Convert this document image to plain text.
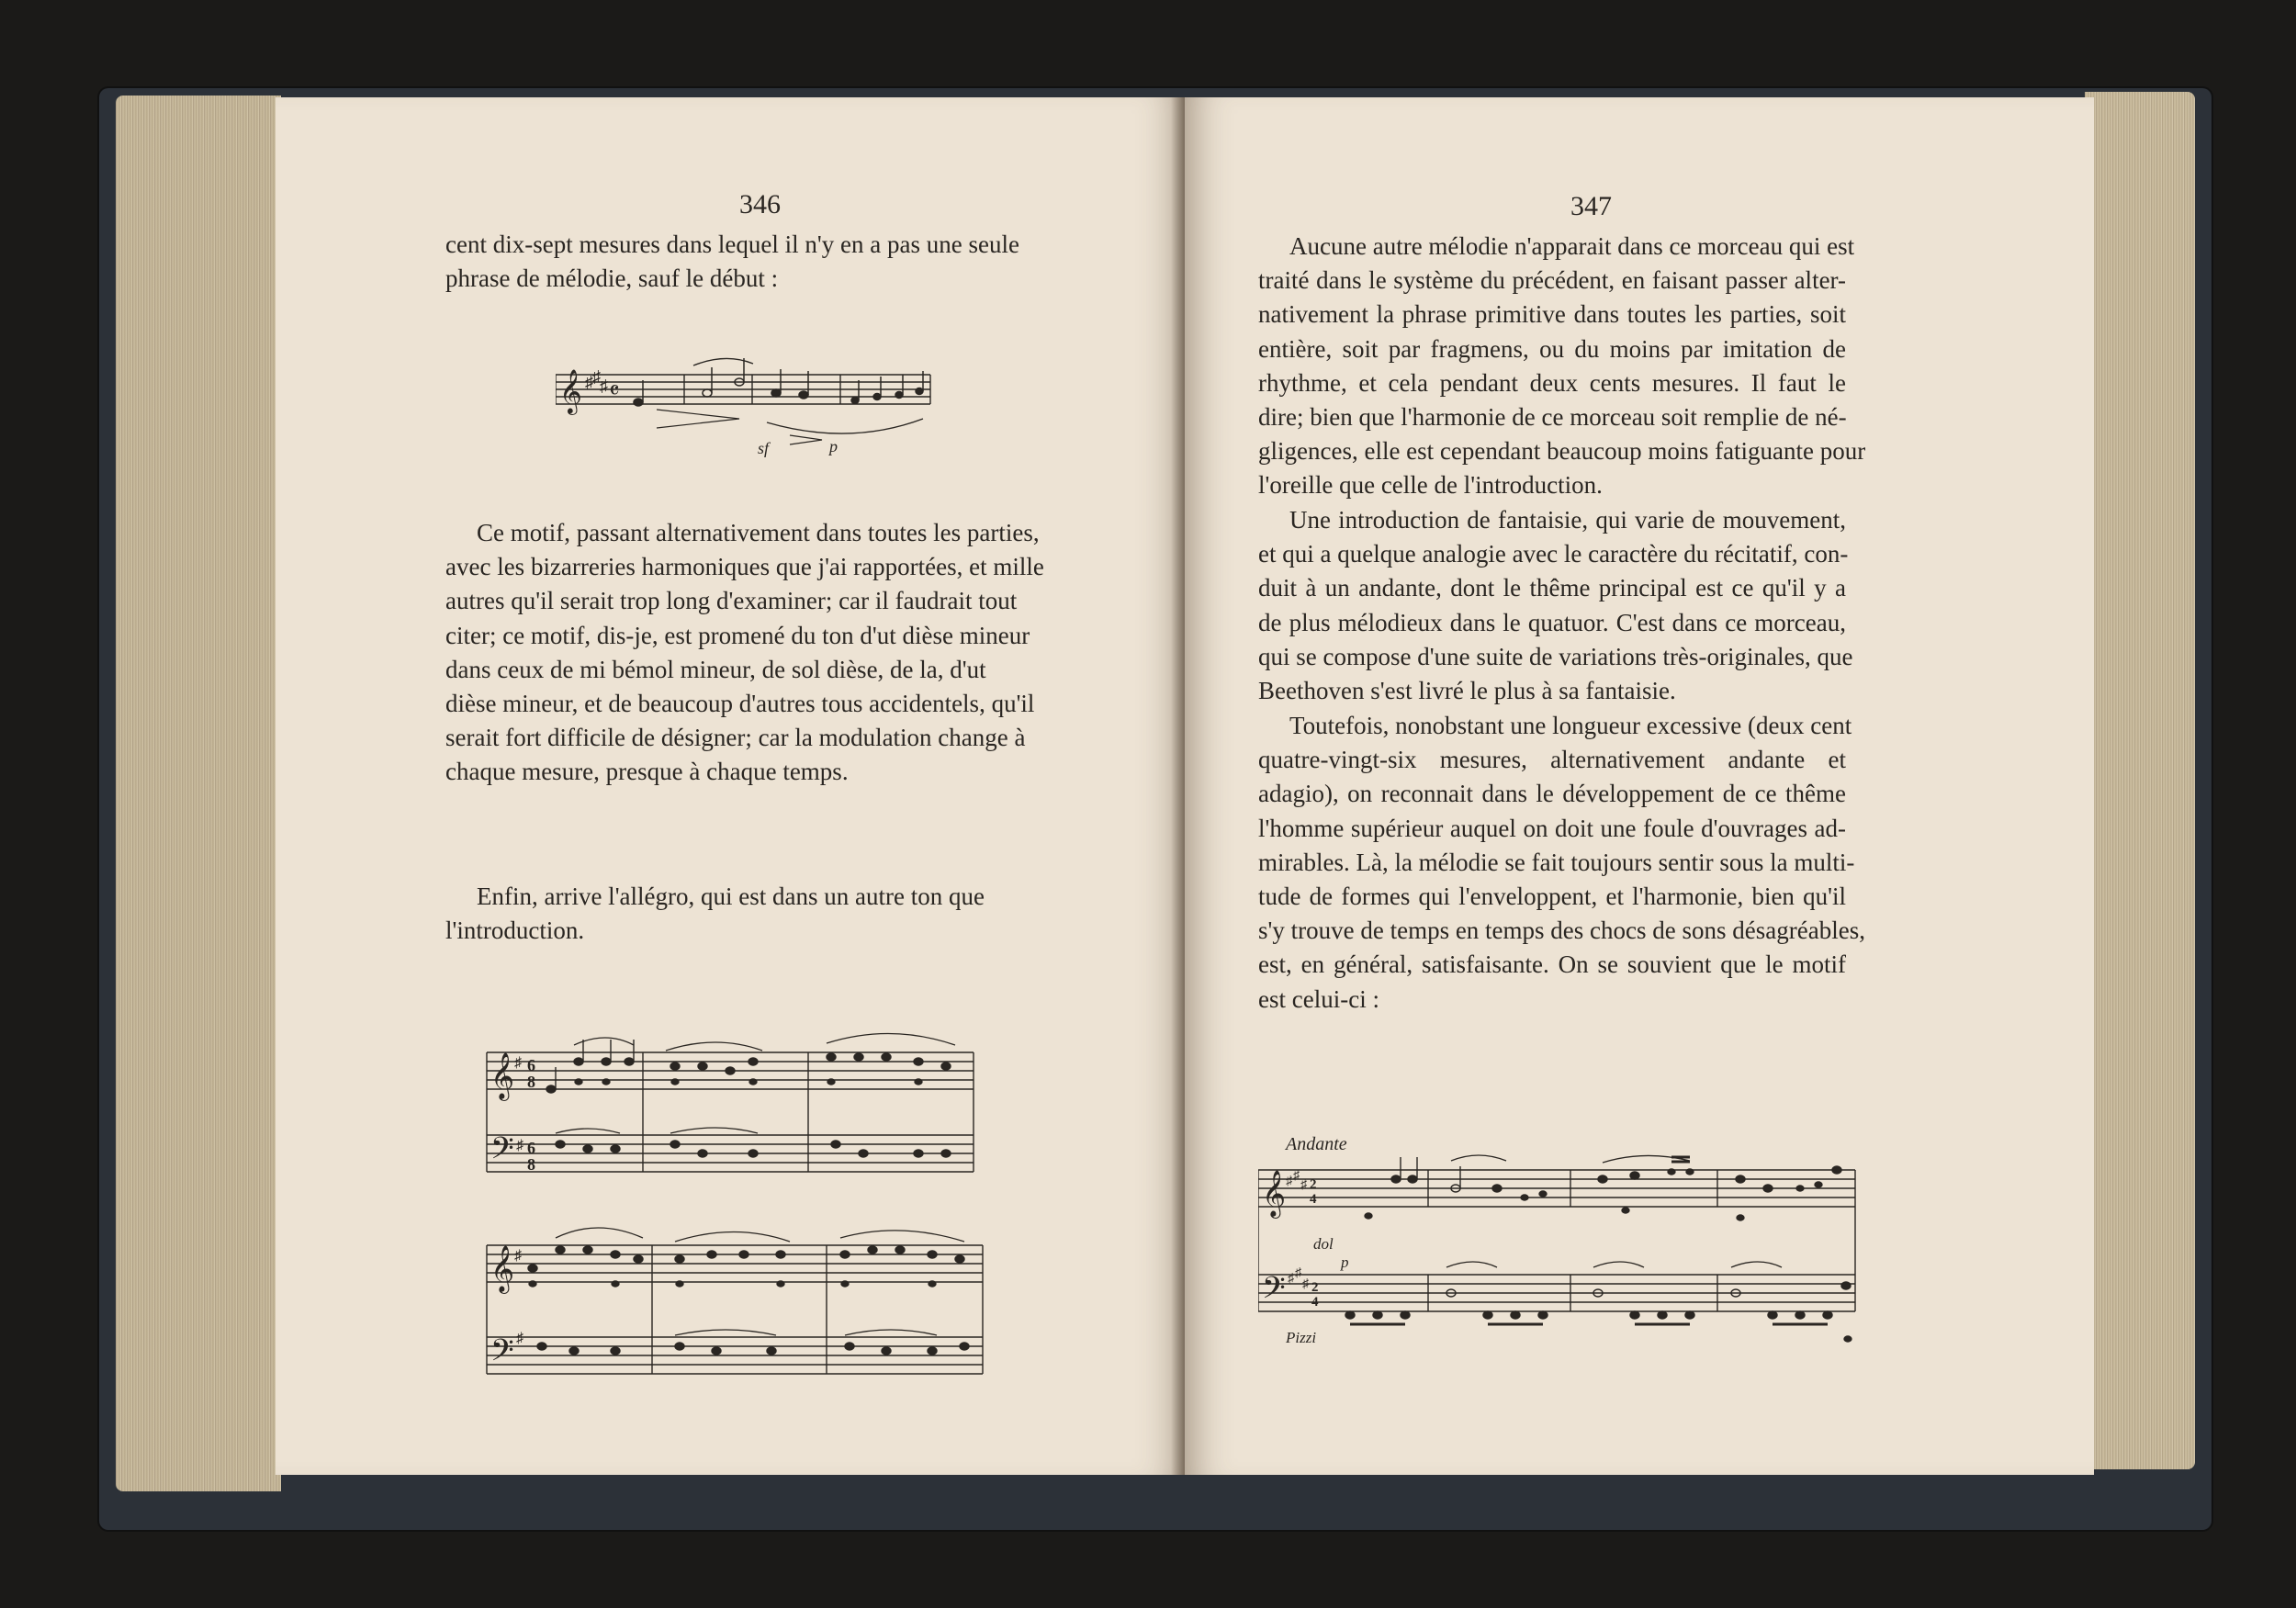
346
cent dix-sept mesures dans lequel il n'y en a pas une seule
phrase de mélodie, sauf le début :
𝄞 ♯ ♯ ♯ 𝄴
sf	p
Ce motif, passant alternativement dans toutes les parties,
avec les bizarreries harmoniques que j'ai rapportées, et mille
autres qu'il serait trop long d'examiner; car il faudrait tout
citer; ce motif, dis-je, est promené du ton d'ut dièse mineur
dans ceux de mi bémol mineur, de sol dièse, de la, d'ut
dièse mineur, et de beaucoup d'autres tous accidentels, qu'il
serait fort difficile de désigner; car la modulation change à
chaque mesure, presque à chaque temps.
Enfin, arrive l'allégro, qui est dans un autre ton que
l'introduction.
𝄞 ♯ 6
8
𝄢 ♯ 6
8
𝄞 ♯
𝄢 ♯
347
Aucune autre mélodie n'apparait dans ce morceau qui est
traité dans le système du précédent, en faisant passer alter-
nativement la phrase primitive dans toutes les parties, soit
entière, soit par fragmens, ou du moins par imitation de
rhythme, et cela pendant deux cents mesures. Il faut le
dire; bien que l'harmonie de ce morceau soit remplie de né-
gligences, elle est cependant beaucoup moins fatiguante pour
l'oreille que celle de l'introduction.
Une introduction de fantaisie, qui varie de mouvement,
et qui a quelque analogie avec le caractère du récitatif, con-
duit à un andante, dont le thême principal est ce qu'il y a
de plus mélodieux dans le quatuor. C'est dans ce morceau,
qui se compose d'une suite de variations très-originales, que
Beethoven s'est livré le plus à sa fantaisie.
Toutefois, nonobstant une longueur excessive (deux cent
quatre-vingt-six mesures, alternativement andante et
adagio), on reconnait dans le développement de ce thême
l'homme supérieur auquel on doit une foule d'ouvrages ad-
mirables. Là, la mélodie se fait toujours sentir sous la multi-
tude de formes qui l'enveloppent, et l'harmonie, bien qu'il
s'y trouve de temps en temps des chocs de sons désagréables,
est, en général, satisfaisante. On se souvient que le motif
est celui-ci :
Andante
𝄞 ♯ ♯
♯ 2
4
dol
p
𝄢 ♯ ♯
♯ 2
4
Pizzi
